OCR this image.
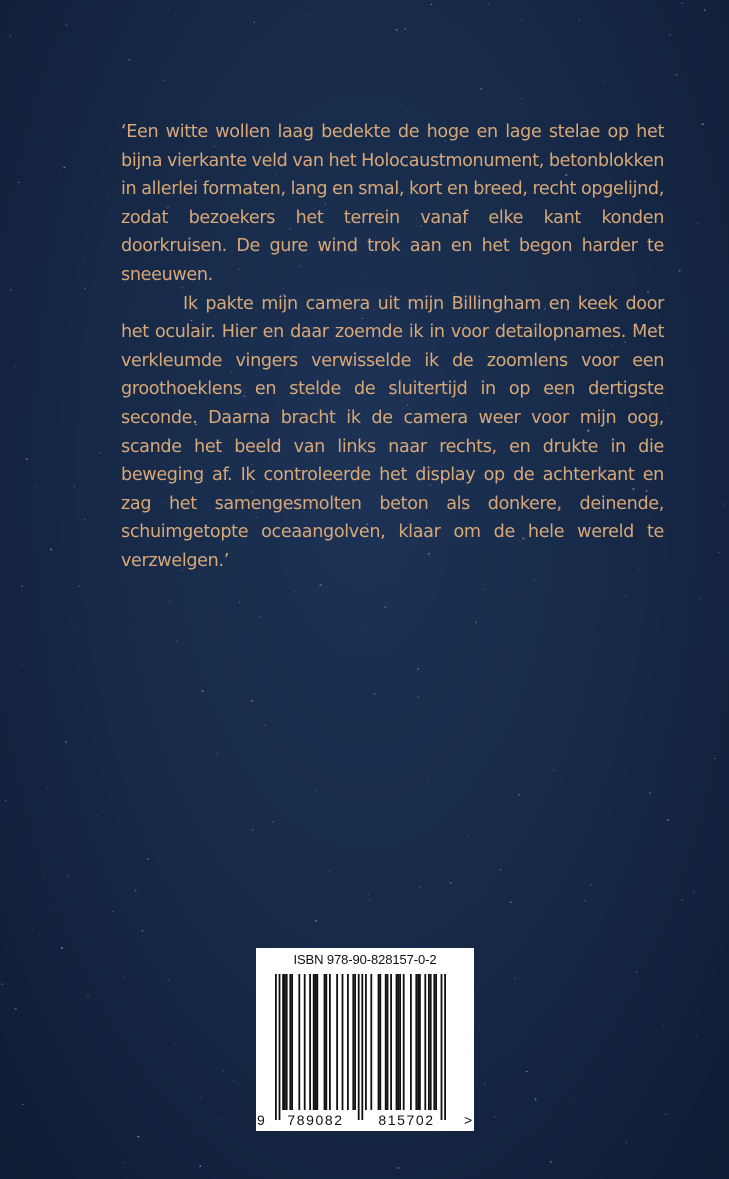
‘Een witte wollen laag bedekte de hoge en lage stelae op het bijna vierkante veld van het Holocaustmonument, betonblokken in allerlei formaten, lang en smal, kort en breed, recht opgelijnd, zodat bezoekers het terrein vanaf elke kant konden doorkruisen. De gure wind trok aan en het begon harder te sneeuwen.

Ik pakte mijn camera uit mijn Billingham en keek door het oculair. Hier en daar zoemde ik in voor detailopnames. Met verkleumde vingers verwisselde ik de zoomlens voor een groothoeklens en stelde de sluitertijd in op een dertigste seconde. Daarna bracht ik de camera weer voor mijn oog, scande het beeld van links naar rechts, en drukte in die beweging af. Ik controleerde het display op de achterkant en zag het samengesmolten beton als donkere, deinende, schuimgetopte oceaangolven, klaar om de hele wereld te verzwelgen.’

ISBN 978-90-828157-0-2
9	789082	815702	>
